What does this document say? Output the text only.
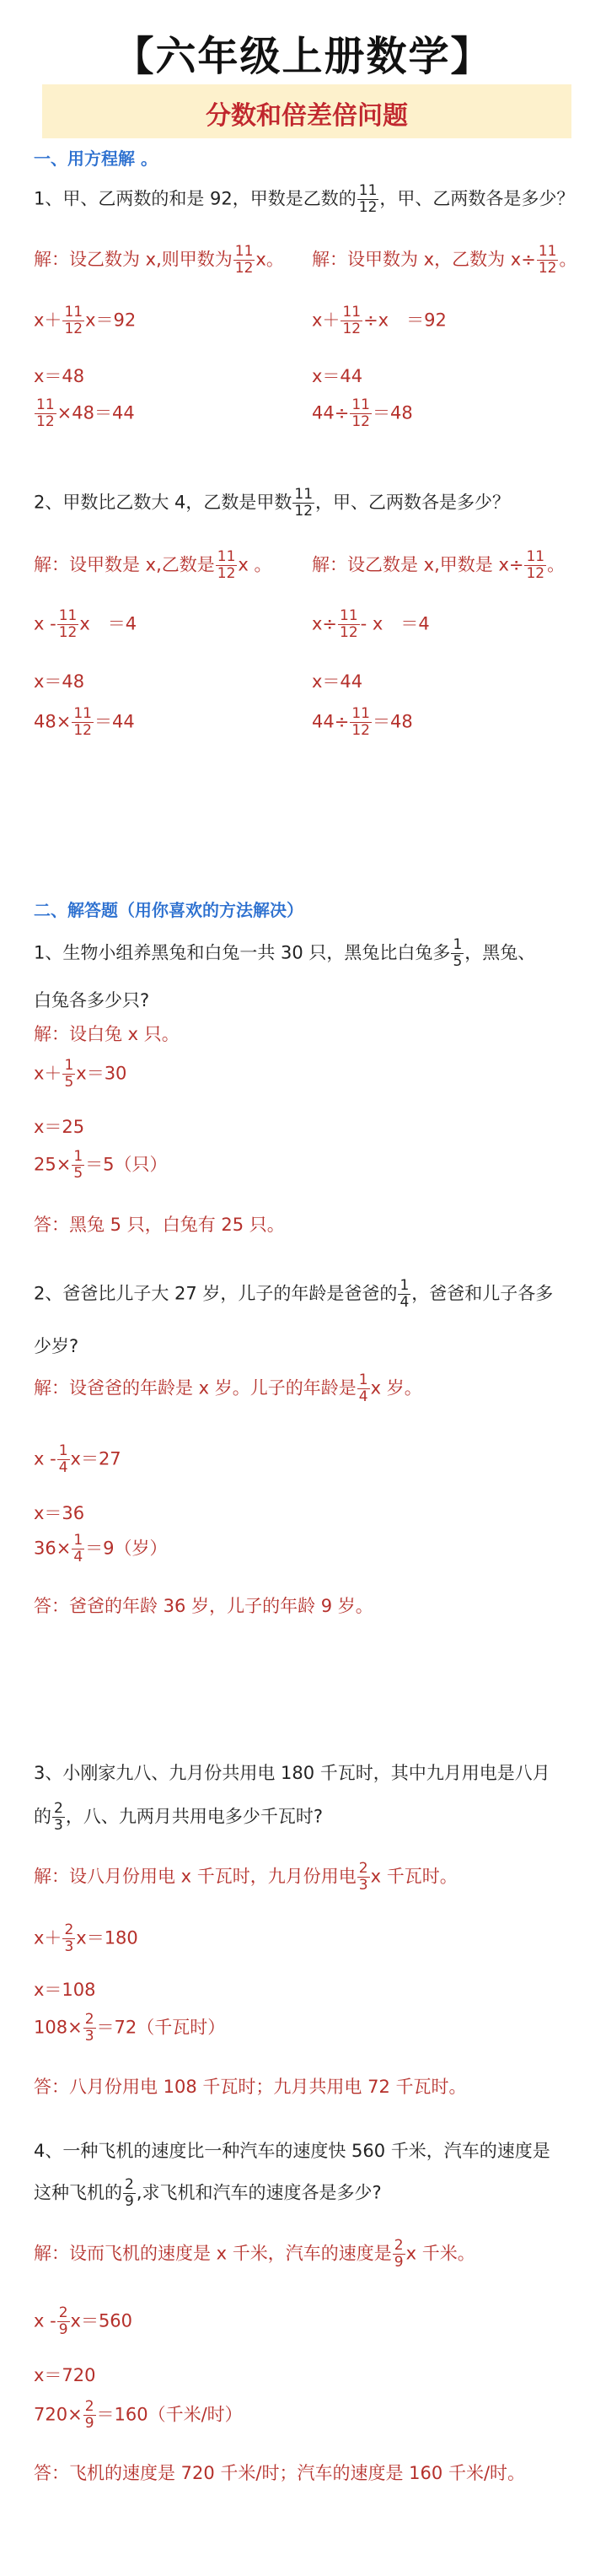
【六年级上册数学】
分数和倍差倍问题
一、用方程解 。
1、甲、乙两数的和是 92，甲数是乙数的 $\frac{11}{12}$ ，甲、乙两数各是多少？
解：设乙数为 x,则甲数为 $\frac{11}{12}$ x。 解：设甲数为 x，乙数为 $x\div \frac{11}{12}$ 。
$x+ \frac{11}{12} x=92$	$x+ \frac{11}{12} \div x$　＝92
x＝48	x＝44
$\frac{11}{12} \times 48=44$	$44\div \frac{11}{12} =48$
2、甲数比乙数大 4，乙数是甲数 $\frac{11}{12}$ ，甲、乙两数各是多少？
解：设甲数是 x,乙数是 $\frac{11}{12}$ x 。 解：设乙数是 x,甲数是 $x\div \frac{11}{12}$ 。
x - $\frac{11}{12}$ x　＝4	$x\div \frac{11}{12} - x$　＝4
x＝48	x＝44
$48\times \frac{11}{12} =44$	$44\div \frac{11}{12} =48$
二、解答题（用你喜欢的方法解决）
1、生物小组养黑兔和白兔一共 30 只，黑兔比白兔多 $\frac{1}{5}$ ，黑兔、
白兔各多少只?
解：设白兔 x 只。
$x+ \frac{1}{5} x=30$
x＝25
$25\times \frac{1}{5} =5$（只）
答：黑兔 5 只，白兔有 25 只。
2、爸爸比儿子大 27 岁，儿子的年龄是爸爸的 $\frac{1}{4}$ ，爸爸和儿子各多
少岁?
解：设爸爸的年龄是 x 岁。儿子的年龄是 $\frac{1}{4}$ x 岁。
$x - \frac{1}{4} x=27$
x＝36
$36\times \frac{1}{4} =9$（岁）
答：爸爸的年龄 36 岁，儿子的年龄 9 岁。
3、小刚家九八、九月份共用电 180 千瓦时，其中九月用电是八月
的 $\frac{2}{3}$ ，八、九两月共用电多少千瓦时?
解：设八月份用电 x 千瓦时，九月份用电 $\frac{2}{3}$ x 千瓦时。
$x+ \frac{2}{3} x=180$
x＝108
$108\times \frac{2}{3} =72$（千瓦时）
答：八月份用电 108 千瓦时；九月共用电 72 千瓦时。
4、一种飞机的速度比一种汽车的速度快 560 千米，汽车的速度是
这种飞机的 $\frac{2}{9}$ ,求飞机和汽车的速度各是多少?
解：设而飞机的速度是 x 千米，汽车的速度是 $\frac{2}{9}$ x 千米。
$x - \frac{2}{9} x=560$
x＝720
$720\times \frac{2}{9} =160$（千米/时）
答：飞机的速度是 720 千米/时；汽车的速度是 160 千米/时。
